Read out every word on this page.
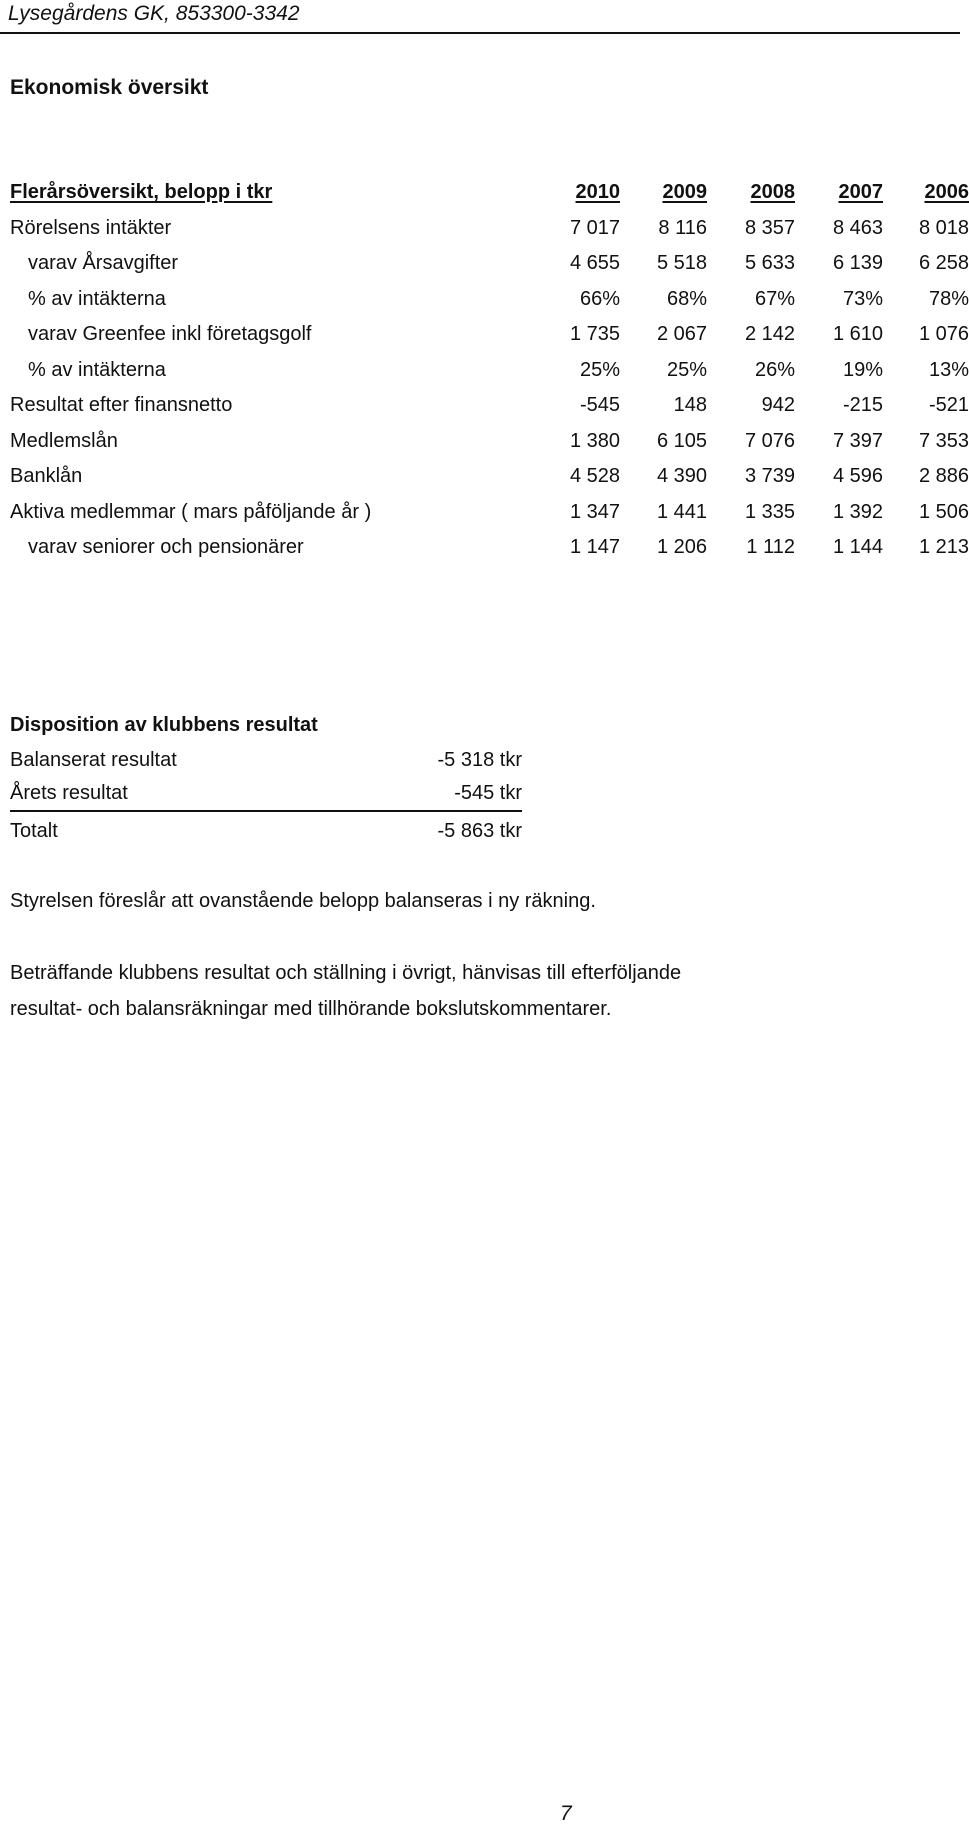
Lysegårdens GK, 853300-3342
Ekonomisk översikt
Flerårsöversikt, belopp i tkr	2010	2009	2008	2007	2006
Rörelsens intäkter	7 017	8 116	8 357	8 463	8 018
varav Årsavgifter	4 655	5 518	5 633	6 139	6 258
% av intäkterna	66%	68%	67%	73%	78%
varav Greenfee inkl företagsgolf	1 735	2 067	2 142	1 610	1 076
% av intäkterna	25%	25%	26%	19%	13%
Resultat efter finansnetto	-545	148	942	-215	-521
Medlemslån	1 380	6 105	7 076	7 397	7 353
Banklån	4 528	4 390	3 739	4 596	2 886
Aktiva medlemmar ( mars påföljande år )	1 347	1 441	1 335	1 392	1 506
varav seniorer och pensionärer	1 147	1 206	1 112	1 144	1 213
Disposition av klubbens resultat
Balanserat resultat	-5 318 tkr
Årets resultat	-545 tkr
Totalt	-5 863 tkr
Styrelsen föreslår att ovanstående belopp balanseras i ny räkning.
Beträffande klubbens resultat och ställning i övrigt, hänvisas till efterföljande
resultat- och balansräkningar med tillhörande bokslutskommentarer.
7
